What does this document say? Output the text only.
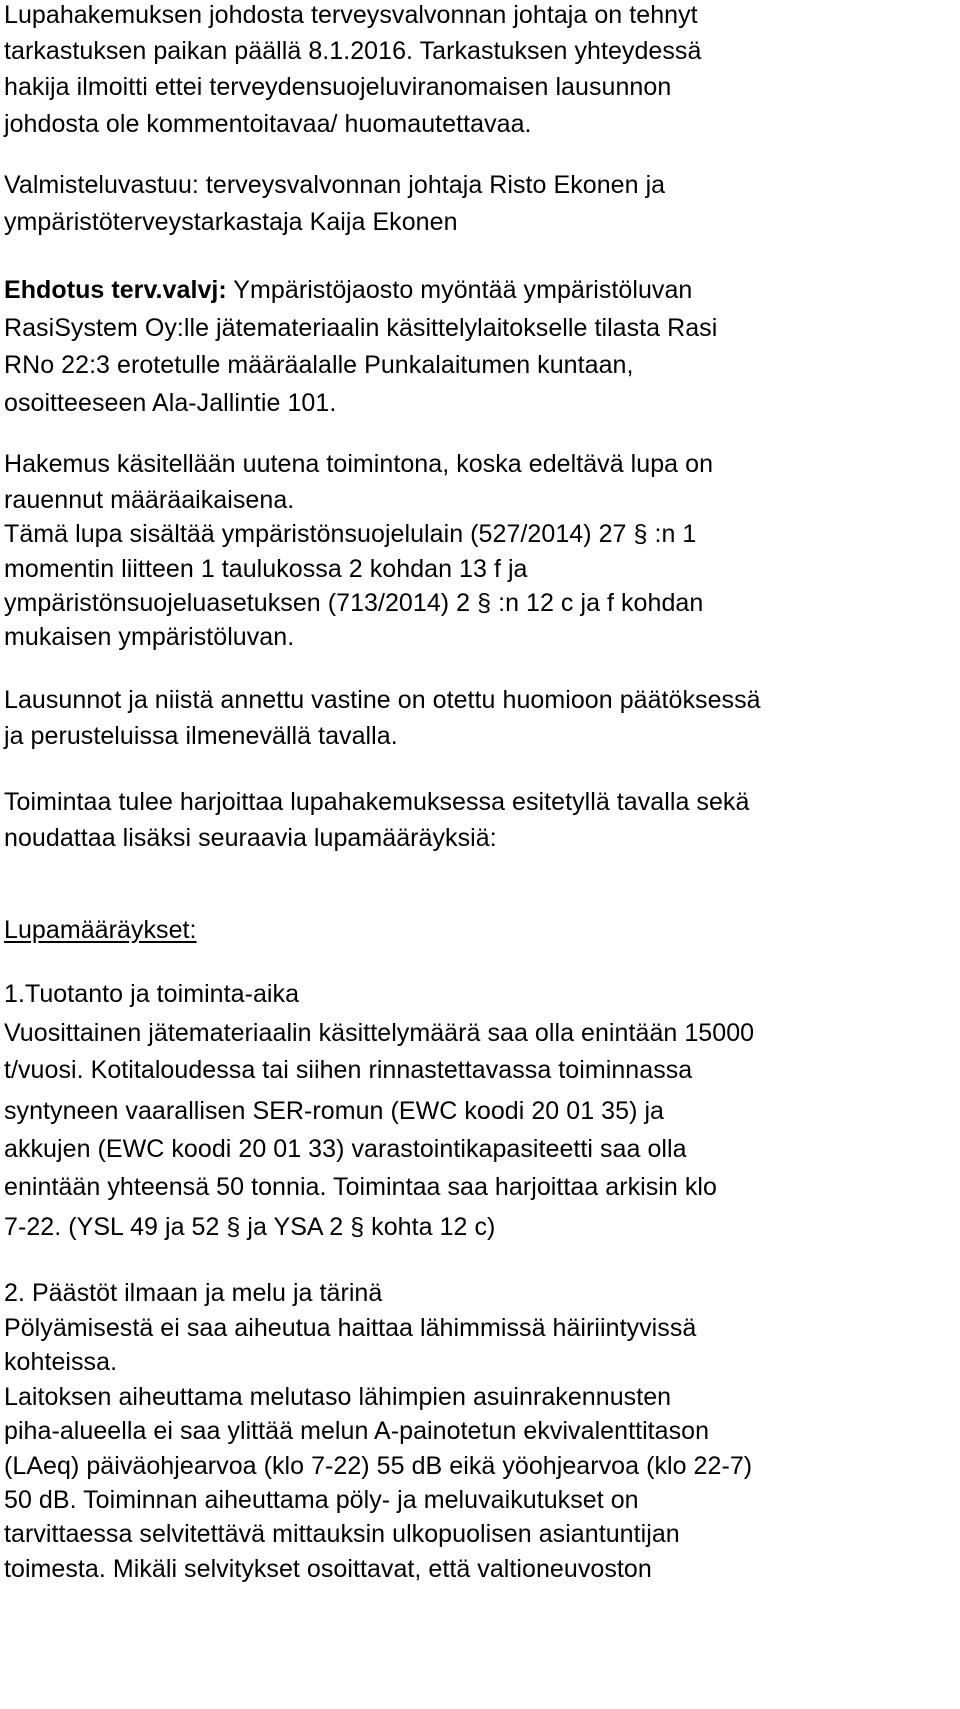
Lupahakemuksen johdosta terveysvalvonnan johtaja on tehnyt

tarkastuksen paikan päällä 8.1.2016. Tarkastuksen yhteydessä

hakija ilmoitti ettei terveydensuojeluviranomaisen lausunnon

johdosta ole kommentoitavaa/ huomautettavaa.

Valmisteluvastuu: terveysvalvonnan johtaja Risto Ekonen ja

ympäristöterveystarkastaja Kaija Ekonen

Ehdotus terv.valvj: Ympäristöjaosto myöntää ympäristöluvan

RasiSystem Oy:lle jätemateriaalin käsittelylaitokselle tilasta Rasi

RNo 22:3 erotetulle määräalalle Punkalaitumen kuntaan,

osoitteeseen Ala-Jallintie 101.

Hakemus käsitellään uutena toimintona, koska edeltävä lupa on

rauennut määräaikaisena.

Tämä lupa sisältää ympäristönsuojelulain (527/2014) 27 § :n 1

momentin liitteen 1 taulukossa 2 kohdan 13 f ja

ympäristönsuojeluasetuksen (713/2014) 2 § :n 12 c ja f kohdan

mukaisen ympäristöluvan.

Lausunnot ja niistä annettu vastine on otettu huomioon päätöksessä

ja perusteluissa ilmenevällä tavalla.

Toimintaa tulee harjoittaa lupahakemuksessa esitetyllä tavalla sekä

noudattaa lisäksi seuraavia lupamääräyksiä:

Lupamääräykset:

1.Tuotanto ja toiminta-aika

Vuosittainen jätemateriaalin käsittelymäärä saa olla enintään 15000

t/vuosi. Kotitaloudessa tai siihen rinnastettavassa toiminnassa

syntyneen vaarallisen SER-romun (EWC koodi 20 01 35) ja

akkujen (EWC koodi 20 01 33) varastointikapasiteetti saa olla

enintään yhteensä 50 tonnia. Toimintaa saa harjoittaa arkisin klo

7-22. (YSL 49 ja 52 § ja YSA 2 § kohta 12 c)

2. Päästöt ilmaan ja melu ja tärinä

Pölyämisestä ei saa aiheutua haittaa lähimmissä häiriintyvissä

kohteissa.

Laitoksen aiheuttama melutaso lähimpien asuinrakennusten

piha-alueella ei saa ylittää melun A-painotetun ekvivalenttitason

(LAeq) päiväohjearvoa (klo 7-22) 55 dB eikä yöohjearvoa (klo 22-7)

50 dB. Toiminnan aiheuttama pöly- ja meluvaikutukset on

tarvittaessa selvitettävä mittauksin ulkopuolisen asiantuntijan

toimesta. Mikäli selvitykset osoittavat, että valtioneuvoston
